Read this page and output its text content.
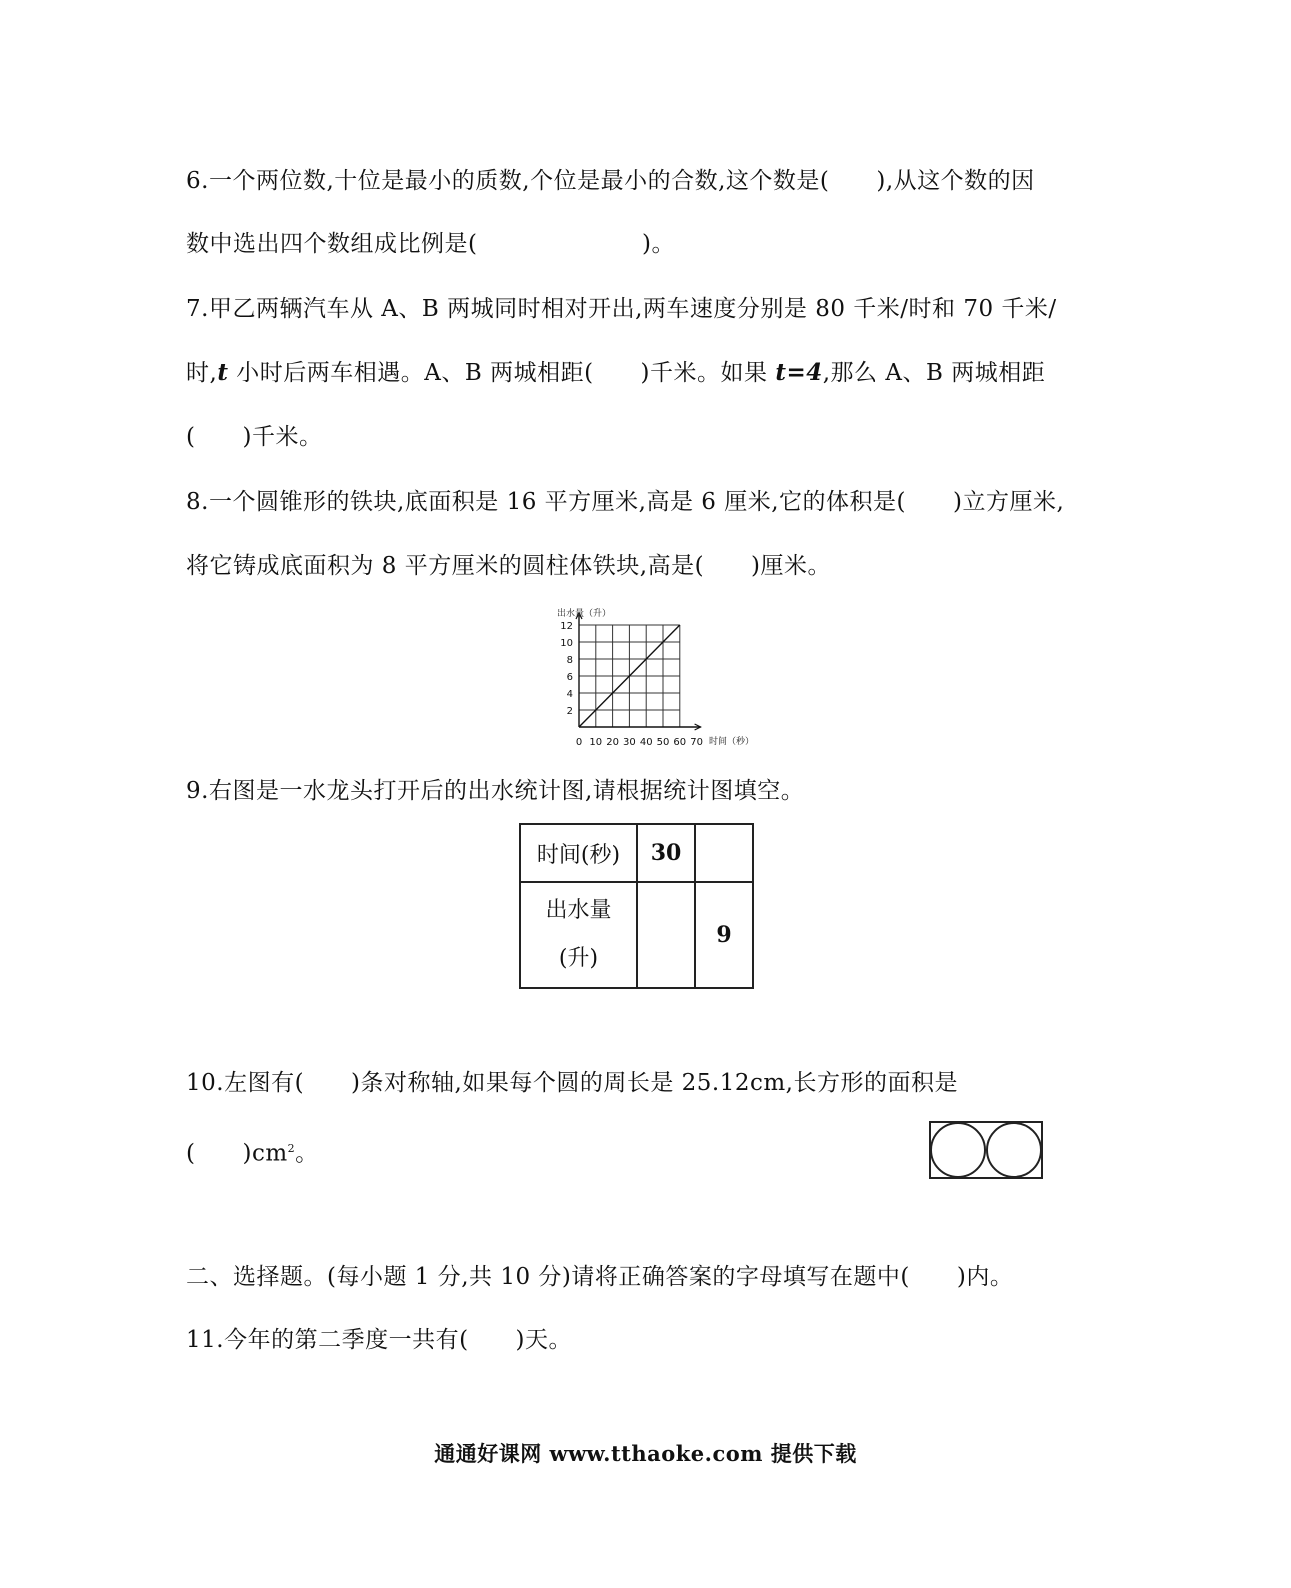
6.一个两位数,十位是最小的质数,个位是最小的合数,这个数是(　　),从这个数的因
数中选出四个数组成比例是(　　　　　　　)。
7.甲乙两辆汽车从 A、B 两城同时相对开出,两车速度分别是 80 千米/时和 70 千米/
时,t 小时后两车相遇。A、B 两城相距(　　)千米。如果 t=4,那么 A、B 两城相距
(　　)千米。
8.一个圆锥形的铁块,底面积是 16 平方厘米,高是 6 厘米,它的体积是(　　)立方厘米,
将它铸成底面积为 8 平方厘米的圆柱体铁块,高是(　　)厘米。
0 10 20 30 40 50 60 70
2
4
6
8
10
12
出水量（升）
时间（秒）
9.右图是一水龙头打开后的出水统计图,请根据统计图填空。
时间(秒)	30	

出水量
(升)		9
10.左图有(　　)条对称轴,如果每个圆的周长是 25.12cm,长方形的面积是
(　　)$cm^2$。
二、选择题。(每小题 1 分,共 10 分)请将正确答案的字母填写在题中(　　)内。
11.今年的第二季度一共有(　　)天。
通通好课网 www.tthaoke.com 提供下载
